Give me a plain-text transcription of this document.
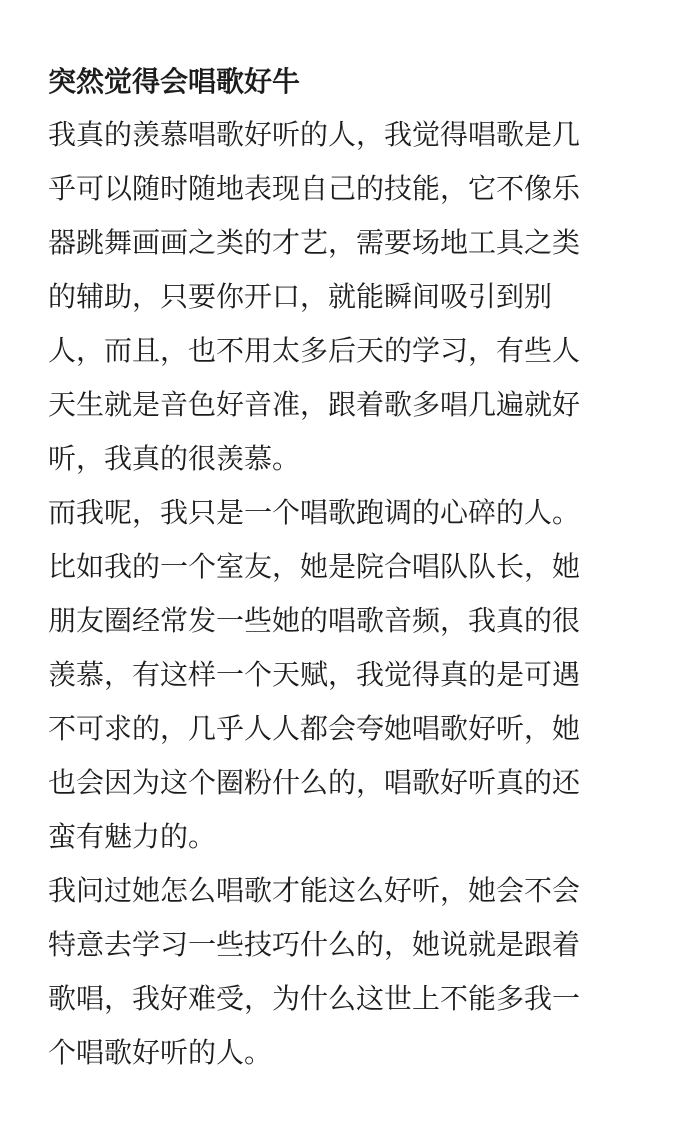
突然觉得会唱歌好牛
我真的羡慕唱歌好听的人，我觉得唱歌是几
乎可以随时随地表现自己的技能，它不像乐
器跳舞画画之类的才艺，需要场地工具之类
的辅助，只要你开口，就能瞬间吸引到别
人，而且，也不用太多后天的学习，有些人
天生就是音色好音准，跟着歌多唱几遍就好
听，我真的很羡慕。
而我呢，我只是一个唱歌跑调的心碎的人。
比如我的一个室友，她是院合唱队队长，她
朋友圈经常发一些她的唱歌音频，我真的很
羡慕，有这样一个天赋，我觉得真的是可遇
不可求的，几乎人人都会夸她唱歌好听，她
也会因为这个圈粉什么的，唱歌好听真的还
蛮有魅力的。
我问过她怎么唱歌才能这么好听，她会不会
特意去学习一些技巧什么的，她说就是跟着
歌唱，我好难受，为什么这世上不能多我一
个唱歌好听的人。
